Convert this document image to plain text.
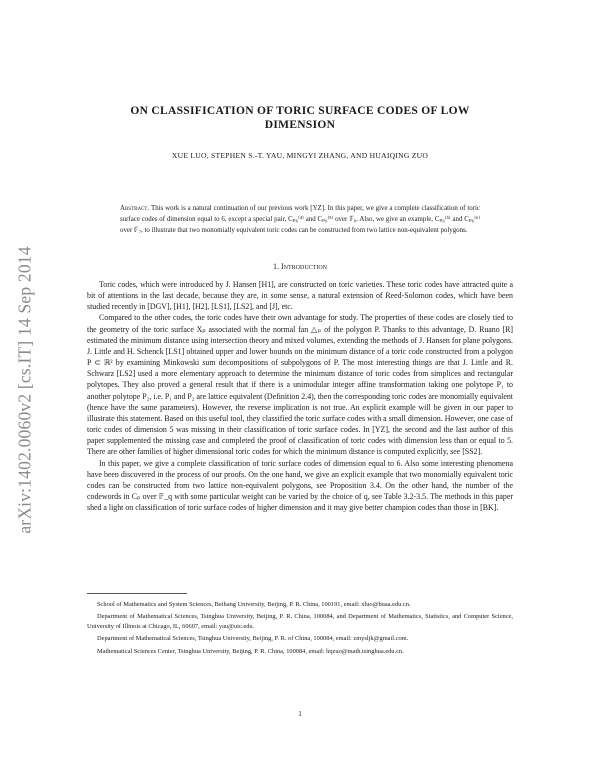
arXiv:1402.0060v2 [cs.IT] 14 Sep 2014
ON CLASSIFICATION OF TORIC SURFACE CODES OF LOW DIMENSION
XUE LUO, STEPHEN S.-T. YAU, MINGYI ZHANG, AND HUAIQING ZUO

Abstract. This work is a natural continuation of our previous work [YZ]. In this paper, we give a complete classification of toric surface codes of dimension equal to 6, except a special pair, Cₚ₆⁽⁴⁾ and Cₚ₆⁽⁵⁾ over 𝔽₈. Also, we give an example, Cₚ₆⁽⁵⁾ and Cₚ₆⁽⁶⁾ over 𝔽₇, to illustrate that two monomially equivalent toric codes can be constructed from two lattice non-equivalent polygons.

1. Introduction

Toric codes, which were introduced by J. Hansen [H1], are constructed on toric varieties. These toric codes have attracted quite a bit of attentions in the last decade, because they are, in some sense, a natural extension of Reed-Solomon codes, which have been studied recently in [DGV], [H1], [H2], [LS1], [LS2], and [J], etc.

Compared to the other codes, the toric codes have their own advantage for study. The properties of these codes are closely tied to the geometry of the toric surface Xₚ associated with the normal fan △ₚ of the polygon P. Thanks to this advantage, D. Ruano [R] estimated the minimum distance using intersection theory and mixed volumes, extending the methods of J. Hansen for plane polygons. J. Little and H. Schenck [LS1] obtained upper and lower bounds on the minimum distance of a toric code constructed from a polygon P ⊂ ℝ² by examining Minkowski sum decompositions of subpolygons of P. The most interesting things are that J. Little and R. Schwarz [LS2] used a more elementary approach to determine the minimum distance of toric codes from simplices and rectangular polytopes. They also proved a general result that if there is a unimodular integer affine transformation taking one polytope P₁ to another polytope P₂, i.e. P₁ and P₂ are lattice equivalent (Definition 2.4), then the corresponding toric codes are monomially equivalent (hence have the same parameters). However, the reverse implication is not true. An explicit example will be given in our paper to illustrate this statement. Based on this useful tool, they classified the toric surface codes with a small dimension. However, one case of toric codes of dimension 5 was missing in their classification of toric surface codes. In [YZ], the second and the last author of this paper supplemented the missing case and completed the proof of classification of toric codes with dimension less than or equal to 5. There are other families of higher dimensional toric codes for which the minimum distance is computed explicitly, see [SS2].

In this paper, we give a complete classification of toric surface codes of dimension equal to 6. Also some interesting phenomena have been discovered in the process of our proofs. On the one hand, we give an explicit example that two monomially equivalent toric codes can be constructed from two lattice non-equivalent polygons, see Proposition 3.4. On the other hand, the number of the codewords in Cₚ over 𝔽_q with some particular weight can be varied by the choice of q, see Table 3.2-3.5. The methods in this paper shed a light on classification of toric surface codes of higher dimension and it may give better champion codes than those in [BK].

School of Mathematics and System Sciences, Beihang University, Beijing, P. R. China, 100191, email: xluo@buaa.edu.cn.

Department of Mathematical Sciences, Tsinghua University, Beijing, P. R. China, 100084, and Department of Mathematics, Statistics, and Computer Science, University of Illinois at Chicago, IL, 60607, email: yau@uic.edu.

Department of Mathematical Sciences, Tsinghua University, Beijing, P. R. of China, 100084, email: zmysljk@gmail.com.

Mathematical Sciences Center, Tsinghua University, Beijing, P. R. China, 100084, email: hqzuo@math.tsinghua.edu.cn.

1
